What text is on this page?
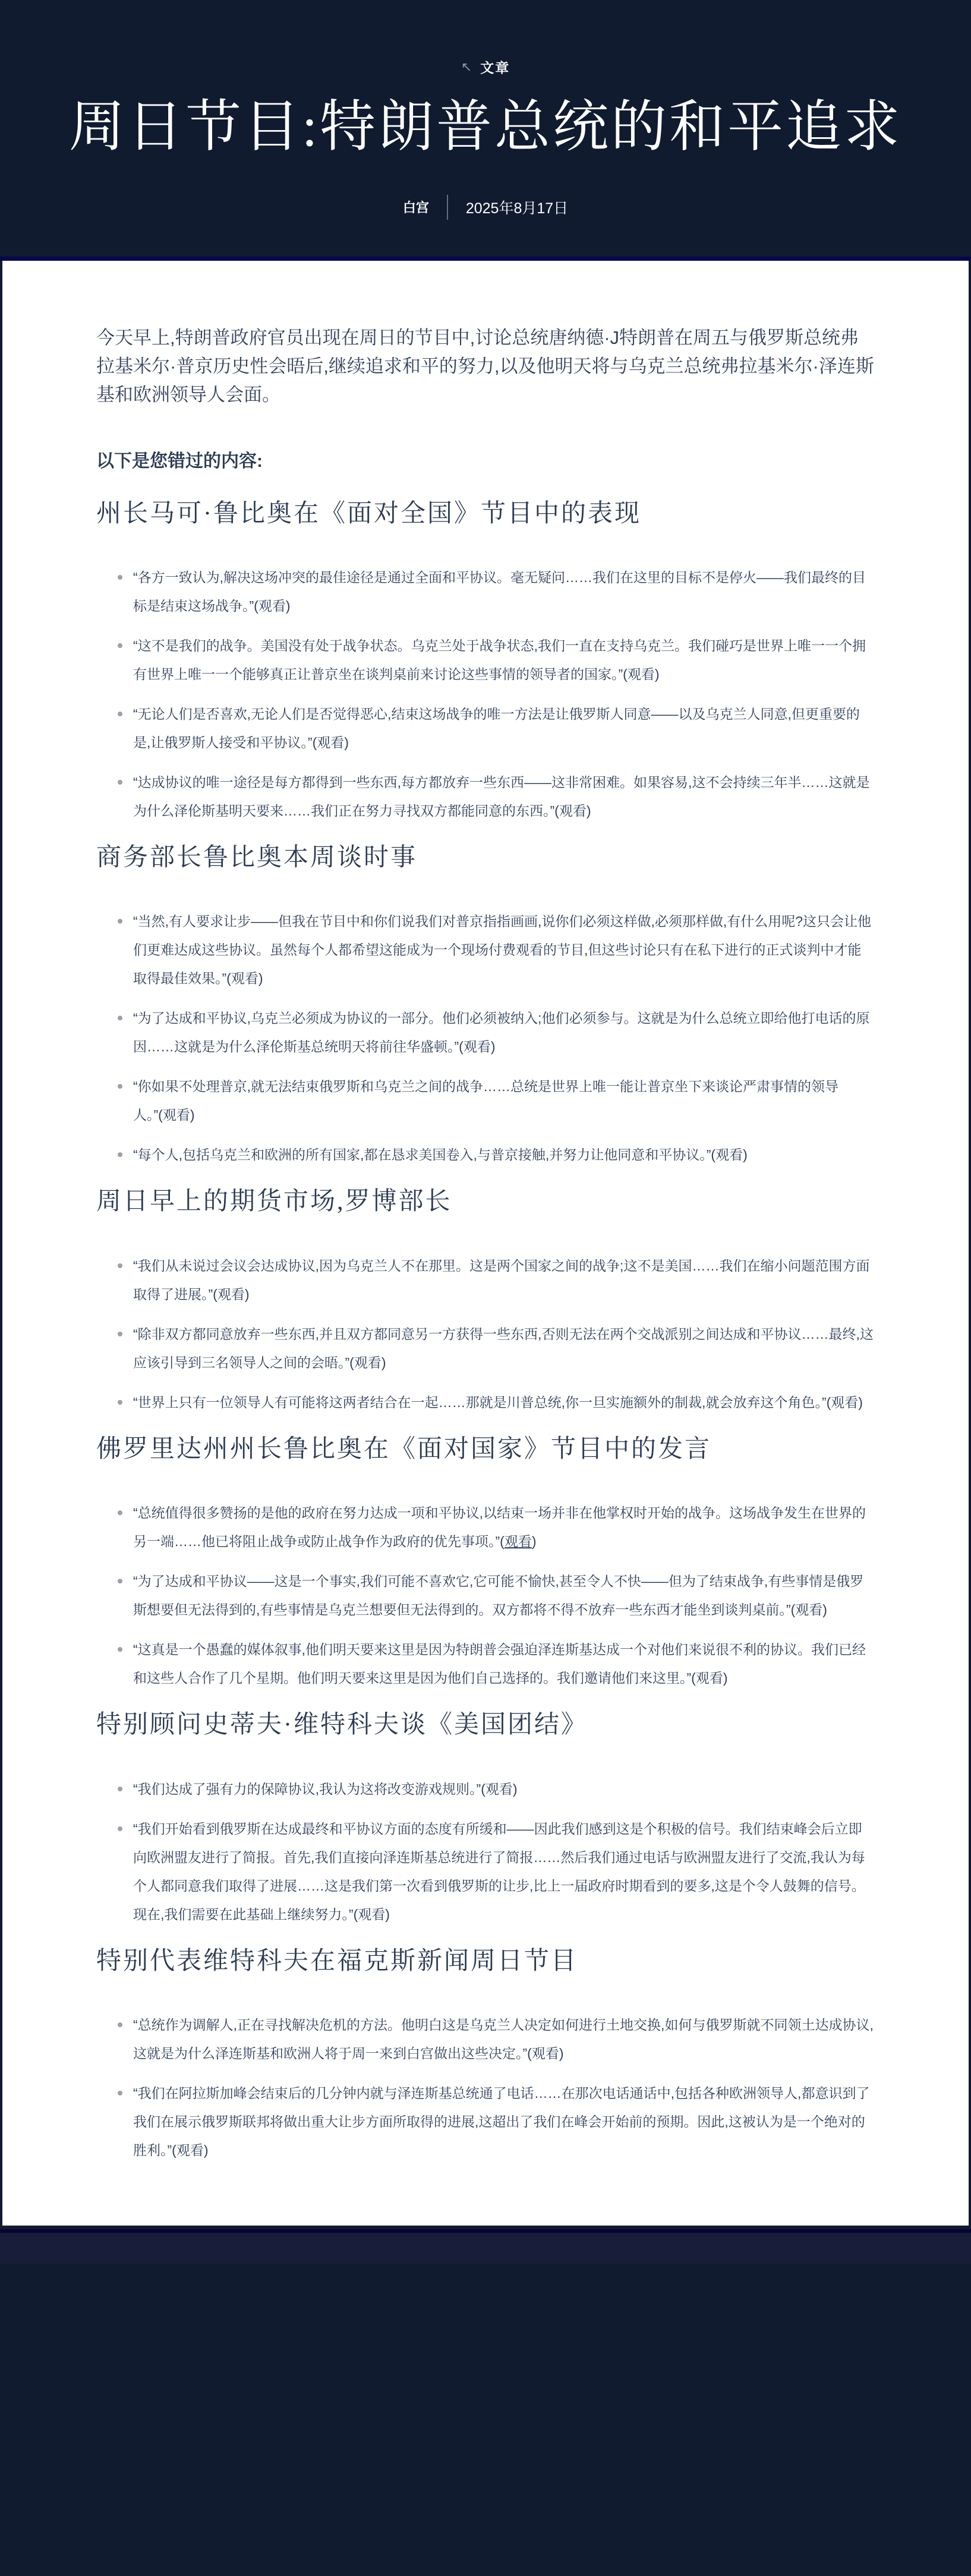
↖ 文章
周日节目:特朗普总统的和平追求
白宫 2025年8月17日

今天早上,特朗普政府官员出现在周日的节目中,讨论总统唐纳德·J特朗普在周五与俄罗斯总统弗拉基米尔·普京历史性会晤后,继续追求和平的努力,以及他明天将与乌克兰总统弗拉基米尔·泽连斯基和欧洲领导人会面。

以下是您错过的内容:

州长马可·鲁比奥在《面对全国》节目中的表现
“各方一致认为,解决这场冲突的最佳途径是通过全面和平协议。毫无疑问……我们在这里的目标不是停火——我们最终的目标是结束这场战争。”(观看)
“这不是我们的战争。美国没有处于战争状态。乌克兰处于战争状态,我们一直在支持乌克兰。我们碰巧是世界上唯一一个拥有世界上唯一一个能够真正让普京坐在谈判桌前来讨论这些事情的领导者的国家。”(观看)
“无论人们是否喜欢,无论人们是否觉得恶心,结束这场战争的唯一方法是让俄罗斯人同意——以及乌克兰人同意,但更重要的是,让俄罗斯人接受和平协议。”(观看)
“达成协议的唯一途径是每方都得到一些东西,每方都放弃一些东西——这非常困难。如果容易,这不会持续三年半……这就是为什么泽伦斯基明天要来……我们正在努力寻找双方都能同意的东西。”(观看)
商务部长鲁比奥本周谈时事
“当然,有人要求让步——但我在节目中和你们说我们对普京指指画画,说你们必须这样做,必须那样做,有什么用呢?这只会让他们更难达成这些协议。虽然每个人都希望这能成为一个现场付费观看的节目,但这些讨论只有在私下进行的正式谈判中才能取得最佳效果。”(观看)
“为了达成和平协议,乌克兰必须成为协议的一部分。他们必须被纳入;他们必须参与。这就是为什么总统立即给他打电话的原因……这就是为什么泽伦斯基总统明天将前往华盛顿。”(观看)
“你如果不处理普京,就无法结束俄罗斯和乌克兰之间的战争……总统是世界上唯一能让普京坐下来谈论严肃事情的领导人。”(观看)
“每个人,包括乌克兰和欧洲的所有国家,都在恳求美国卷入,与普京接触,并努力让他同意和平协议。”(观看)
周日早上的期货市场,罗博部长
“我们从未说过会议会达成协议,因为乌克兰人不在那里。这是两个国家之间的战争;这不是美国……我们在缩小问题范围方面取得了进展。”(观看)
“除非双方都同意放弃一些东西,并且双方都同意另一方获得一些东西,否则无法在两个交战派别之间达成和平协议……最终,这应该引导到三名领导人之间的会晤。”(观看)
“世界上只有一位领导人有可能将这两者结合在一起……那就是川普总统,你一旦实施额外的制裁,就会放弃这个角色。”(观看)
佛罗里达州州长鲁比奥在《面对国家》节目中的发言
“总统值得很多赞扬的是他的政府在努力达成一项和平协议,以结束一场并非在他掌权时开始的战争。这场战争发生在世界的另一端……他已将阻止战争或防止战争作为政府的优先事项。”(观看)
“为了达成和平协议——这是一个事实,我们可能不喜欢它,它可能不愉快,甚至令人不快——但为了结束战争,有些事情是俄罗斯想要但无法得到的,有些事情是乌克兰想要但无法得到的。双方都将不得不放弃一些东西才能坐到谈判桌前。”(观看)
“这真是一个愚蠢的媒体叙事,他们明天要来这里是因为特朗普会强迫泽连斯基达成一个对他们来说很不利的协议。我们已经和这些人合作了几个星期。他们明天要来这里是因为他们自己选择的。我们邀请他们来这里。”(观看)
特别顾问史蒂夫·维特科夫谈《美国团结》
“我们达成了强有力的保障协议,我认为这将改变游戏规则。”(观看)
“我们开始看到俄罗斯在达成最终和平协议方面的态度有所缓和——因此我们感到这是个积极的信号。我们结束峰会后立即向欧洲盟友进行了简报。首先,我们直接向泽连斯基总统进行了简报……然后我们通过电话与欧洲盟友进行了交流,我认为每个人都同意我们取得了进展……这是我们第一次看到俄罗斯的让步,比上一届政府时期看到的要多,这是个令人鼓舞的信号。现在,我们需要在此基础上继续努力。”(观看)
特别代表维特科夫在福克斯新闻周日节目
“总统作为调解人,正在寻找解决危机的方法。他明白这是乌克兰人决定如何进行土地交换,如何与俄罗斯就不同领土达成协议,这就是为什么泽连斯基和欧洲人将于周一来到白宫做出这些决定。”(观看)
“我们在阿拉斯加峰会结束后的几分钟内就与泽连斯基总统通了电话……在那次电话通话中,包括各种欧洲领导人,都意识到了我们在展示俄罗斯联邦将做出重大让步方面所取得的进展,这超出了我们在峰会开始前的预期。因此,这被认为是一个绝对的胜利。”(观看)
